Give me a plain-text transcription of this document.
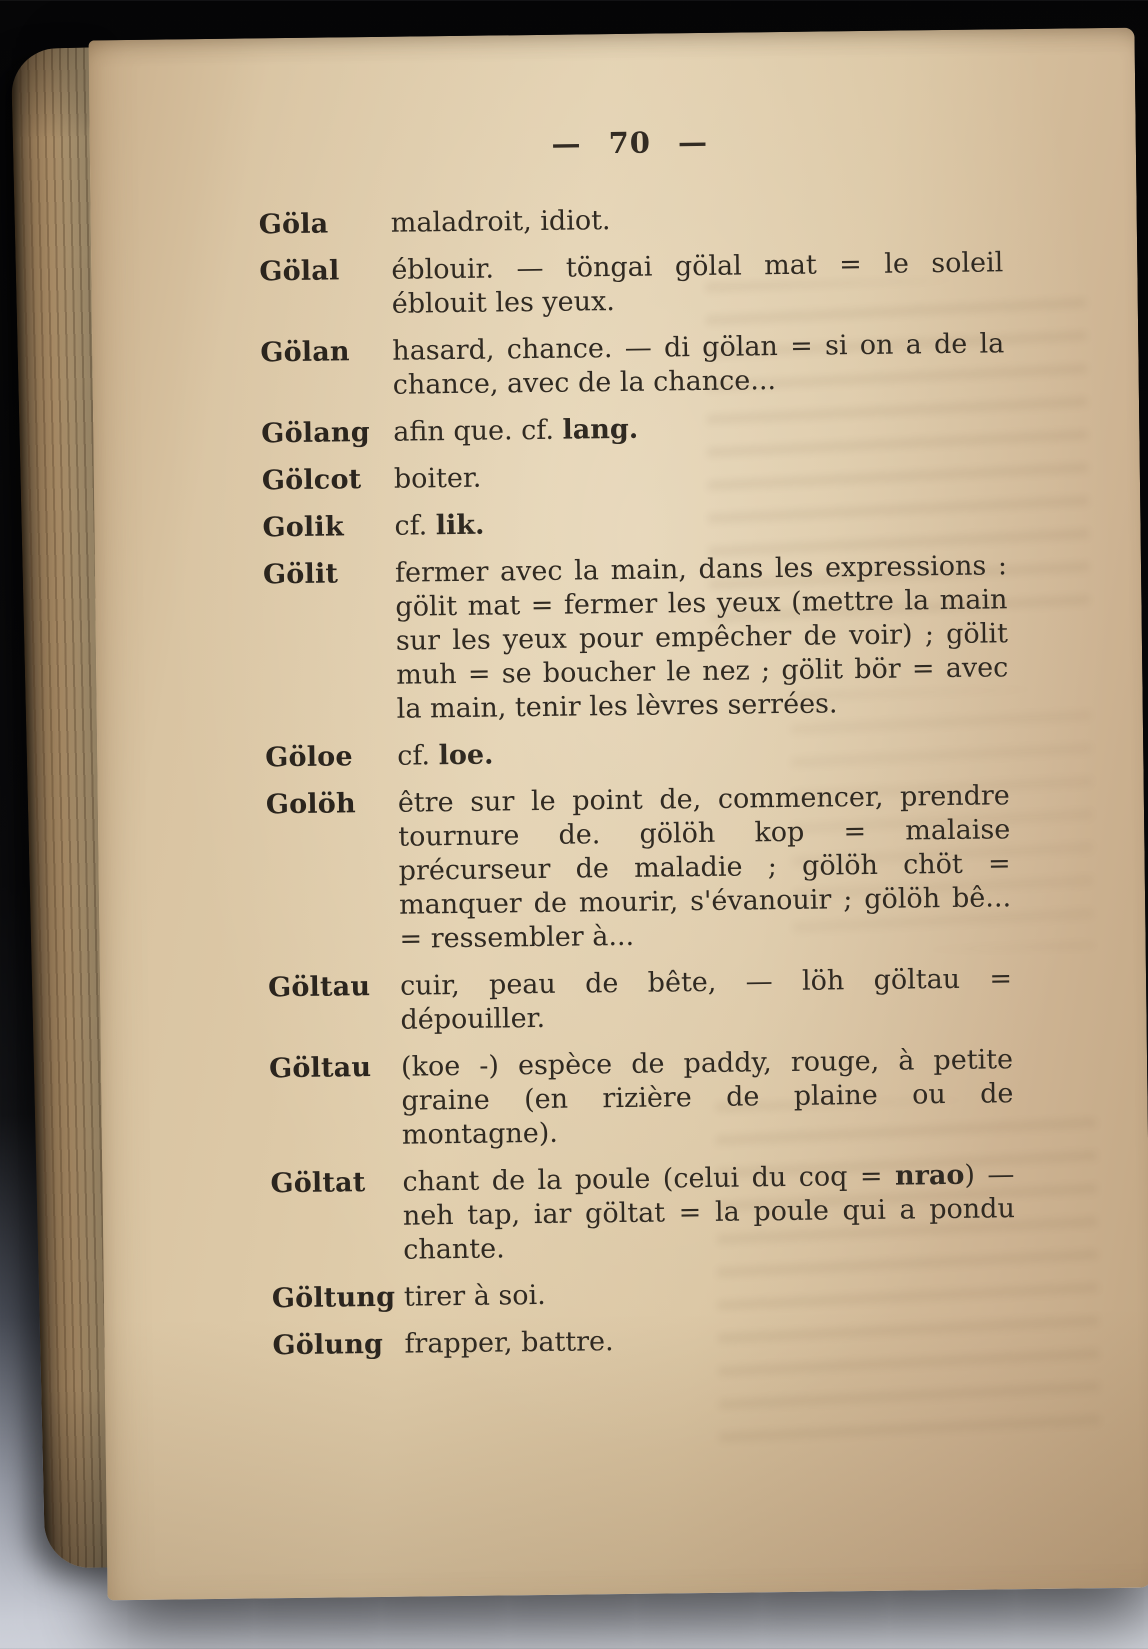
— 70 —
Göla	maladroit, idiot.
Gölal	éblouir. — töngai gölal mat = le soleil éblouit les yeux.
Gölan	hasard, chance. — di gölan = si on a de la chance, avec de la chance...
Gölang afin que. cf. lang.
Gölcot	boiter.
Golik	cf. lik.
Gölit	fermer avec la main, dans les expressions : gölit mat = fermer les yeux (mettre la main sur les yeux pour empêcher de voir) ; gölit muh = se boucher le nez ; gölit bör = avec la main, tenir les lèvres serrées.
Göloe	cf. loe.
Golöh	être sur le point de, commencer, prendre tournure de. gölöh kop = malaise précurseur de maladie ; gölöh chöt = manquer de mourir, s'évanouir ; gölöh bê... = ressembler à...
Göltau	cuir, peau de bête, — löh göltau = dépouiller.
Göltau	(koe -) espèce de paddy, rouge, à petite graine (en rizière de plaine ou de montagne).
Göltat	chant de la poule (celui du coq = nrao) — neh tap, iar göltat = la poule qui a pondu chante.
Göltung tirer à soi.
Gölung frapper, battre.
